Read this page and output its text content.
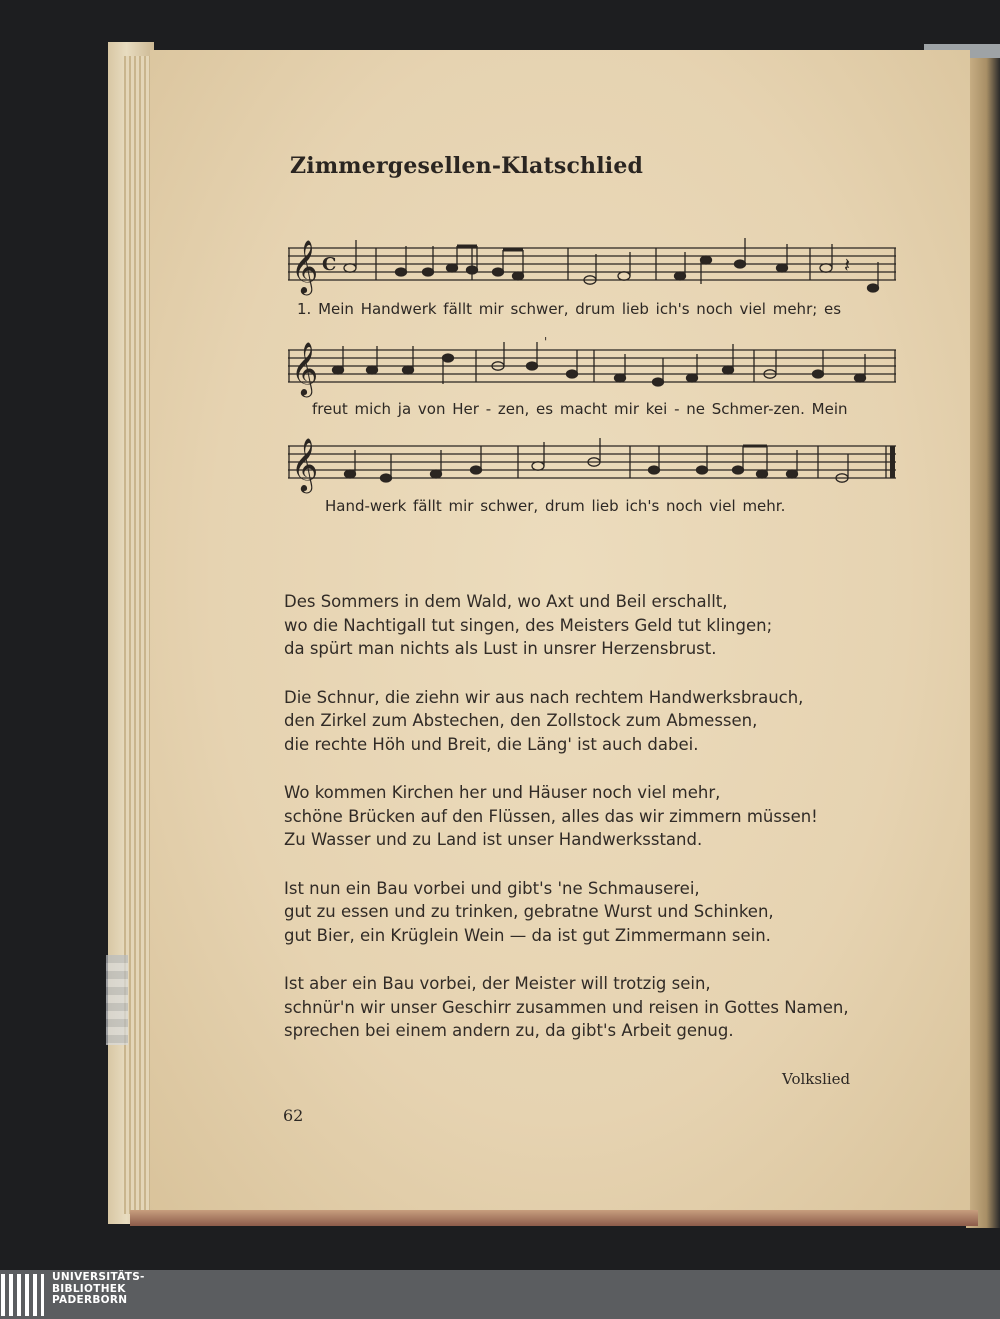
Zimmergesellen-Klatschlied
𝄞 C	𝄽
1. Mein Handwerk fällt mir schwer, drum lieb ich's noch viel mehr; es
𝄞	'
freut mich ja von Her - zen, es macht mir kei - ne Schmer-zen. Mein
𝄞
Hand-werk fällt mir schwer, drum lieb ich's noch viel mehr.
Des Sommers in dem Wald, wo Axt und Beil erschallt,
wo die Nachtigall tut singen, des Meisters Geld tut klingen;
da spürt man nichts als Lust in unsrer Herzensbrust.
Die Schnur, die ziehn wir aus nach rechtem Handwerksbrauch,
den Zirkel zum Abstechen, den Zollstock zum Abmessen,
die rechte Höh und Breit, die Läng' ist auch dabei.
Wo kommen Kirchen her und Häuser noch viel mehr,
schöne Brücken auf den Flüssen, alles das wir zimmern müssen!
Zu Wasser und zu Land ist unser Handwerksstand.
Ist nun ein Bau vorbei und gibt's 'ne Schmauserei,
gut zu essen und zu trinken, gebratne Wurst und Schinken,
gut Bier, ein Krüglein Wein — da ist gut Zimmermann sein.
Ist aber ein Bau vorbei, der Meister will trotzig sein,
schnür'n wir unser Geschirr zusammen und reisen in Gottes Namen,
sprechen bei einem andern zu, da gibt's Arbeit genug.
Volkslied
62
UNIVERSITÄTS-
BIBLIOTHEK
PADERBORN
